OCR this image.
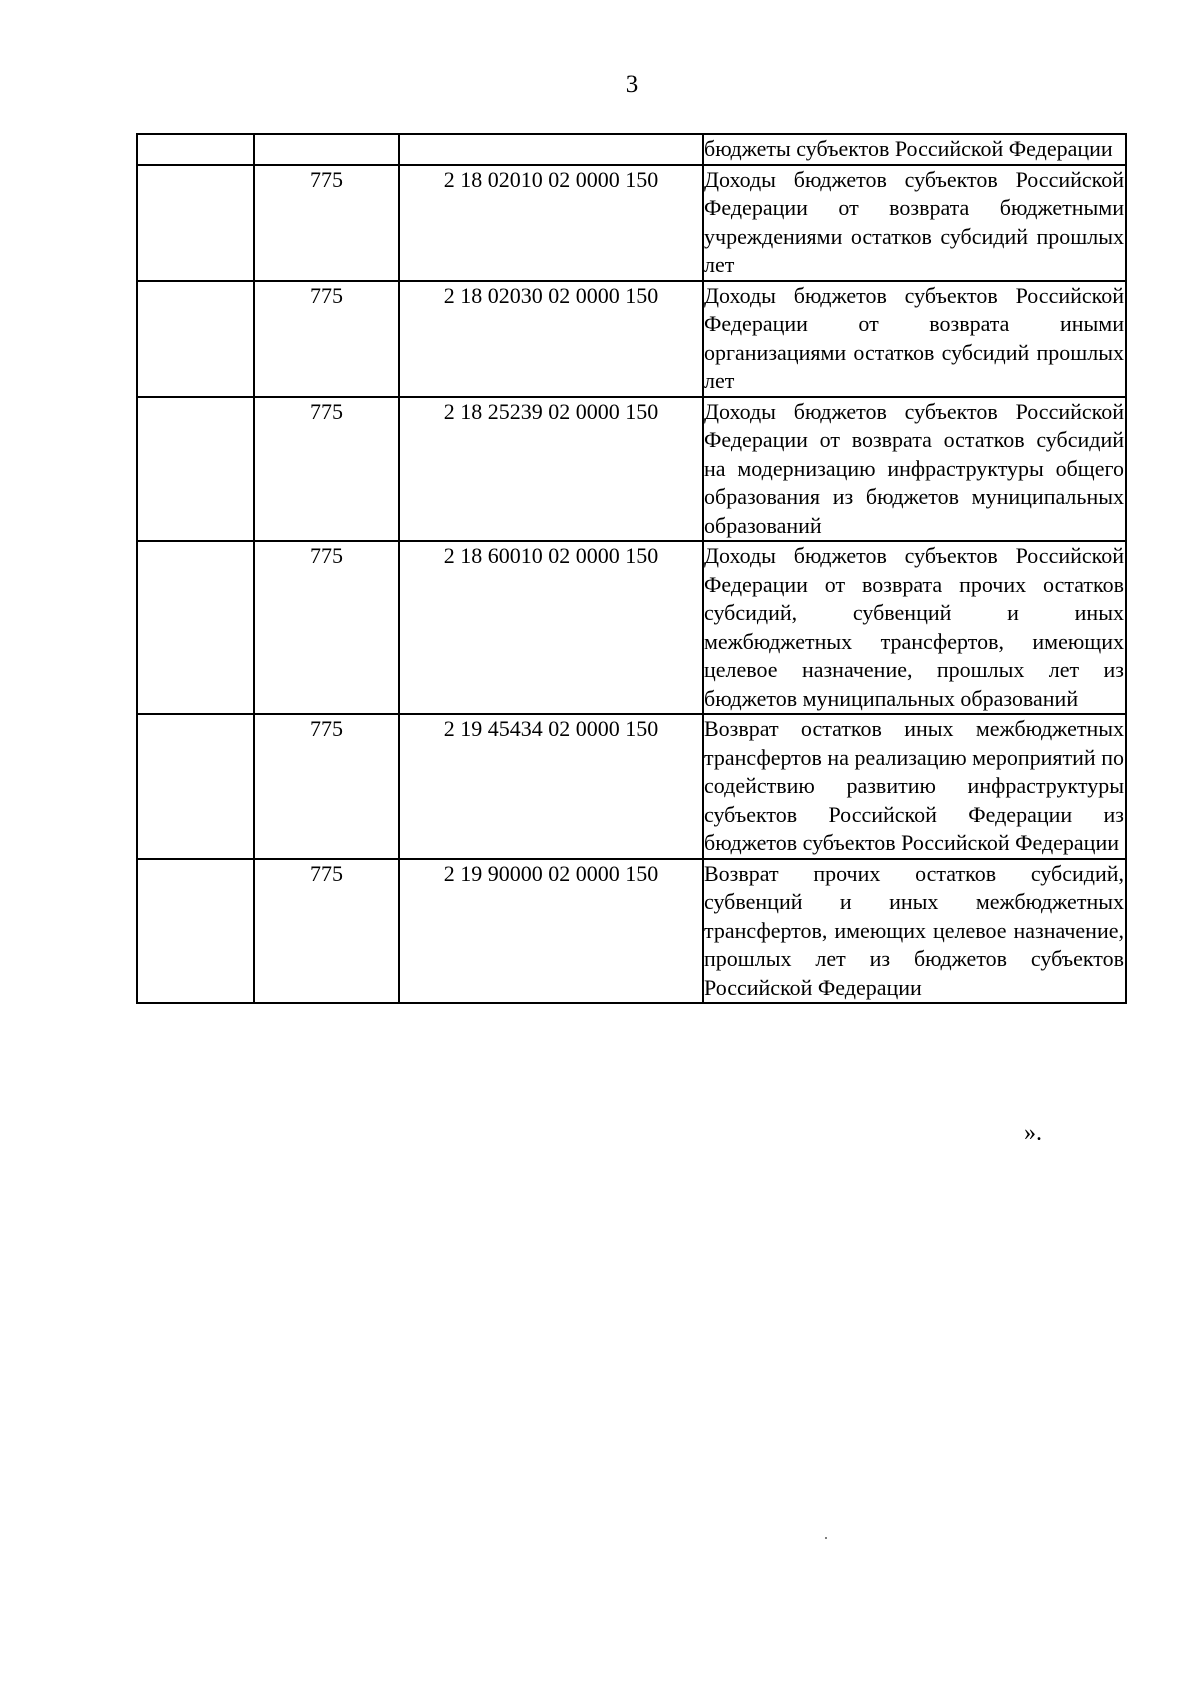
3

			бюджеты субъектов Российской Федерации

	775	2 18 02010 02 0000 150	Доходы бюджетов субъектов Российской Федерации от возврата бюджетными учреждениями остатков субсидий прошлых лет

	775	2 18 02030 02 0000 150	Доходы бюджетов субъектов Российской Федерации от возврата иными организациями остатков субсидий прошлых лет

	775	2 18 25239 02 0000 150	Доходы бюджетов субъектов Российской Федерации от возврата остатков субсидий на модернизацию инфраструктуры общего образования из бюджетов муниципальных образований

	775	2 18 60010 02 0000 150	Доходы бюджетов субъектов Российской Федерации от возврата прочих остатков субсидий, субвенций и иных межбюджетных трансфертов, имеющих целевое назначение, прошлых лет из бюджетов муниципальных образований

	775	2 19 45434 02 0000 150	Возврат остатков иных межбюджетных трансфертов на реализацию мероприятий по содействию развитию инфраструктуры субъектов Российской Федерации из бюджетов субъектов Российской Федерации

	775	2 19 90000 02 0000 150	Возврат прочих остатков субсидий, субвенций и иных межбюджетных трансфертов, имеющих целевое назначение, прошлых лет из бюджетов субъектов Российской Федерации
».
